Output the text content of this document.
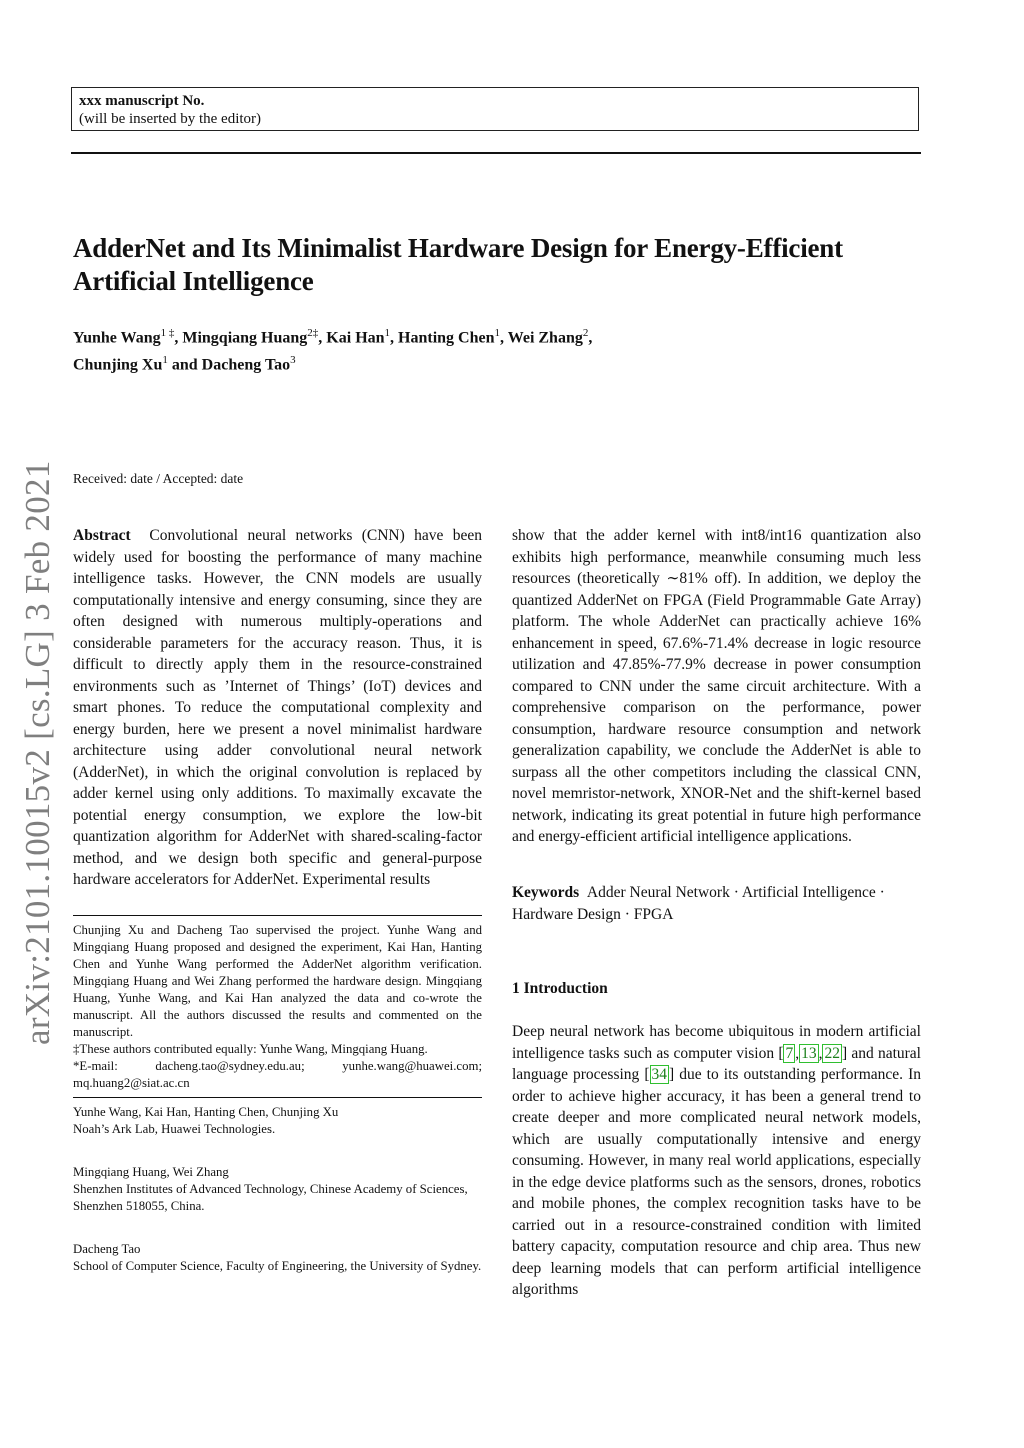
xxx manuscript No.
(will be inserted by the editor)
AdderNet and Its Minimalist Hardware Design for Energy-Efficient Artificial Intelligence
Yunhe Wang$^{1 \ddagger}$, Mingqiang Huang$^{2\ddagger}$, Kai Han$^1$, Hanting Chen$^1$, Wei Zhang$^2$,
Chunjing Xu$^1$ and Dacheng Tao$^3$
Received: date / Accepted: date
arXiv:2101.10015v2 [cs.LG] 3 Feb 2021 Abstract Convolutional neural networks (CNN) have been widely used for boosting the performance of many machine intelligence tasks. However, the CNN models are usually computationally intensive and energy consuming, since they are often designed with numerous multiply-operations and considerable parameters for the accuracy reason. Thus, it is difficult to directly apply them in the resource-constrained environments such as ’Internet of Things’ (IoT) devices and smart phones. To reduce the computational complexity and energy burden, here we present a novel minimalist hardware architecture using adder convolutional neural network (AdderNet), in which the original convolution is replaced by adder kernel using only additions. To maximally excavate the potential energy consumption, we explore the low-bit quantization algorithm for AdderNet with shared-scaling-factor method, and we design both specific and general-purpose hardware accelerators for AdderNet. Experimental results

Chunjing Xu and Dacheng Tao supervised the project. Yunhe Wang and Mingqiang Huang proposed and designed the experiment, Kai Han, Hanting Chen and Yunhe Wang performed the AdderNet algorithm verification. Mingqiang Huang and Wei Zhang performed the hardware design. Mingqiang Huang, Yunhe Wang, and Kai Han analyzed the data and co-wrote the manuscript. All the authors discussed the results and commented on the manuscript.
‡These authors contributed equally: Yunhe Wang, Mingqiang Huang.
*E-mail: dacheng.tao@sydney.edu.au; yunhe.wang@huawei.com; mq.huang2@siat.ac.cn
Yunhe Wang, Kai Han, Hanting Chen, Chunjing Xu
Noah’s Ark Lab, Huawei Technologies.
Mingqiang Huang, Wei Zhang
Shenzhen Institutes of Advanced Technology, Chinese Academy of Sciences, Shenzhen 518055, China.
Dacheng Tao
School of Computer Science, Faculty of Engineering, the University of Sydney.

show that the adder kernel with int8/int16 quantization also exhibits high performance, meanwhile consuming much less resources (theoretically ∼81% off). In addition, we deploy the quantized AdderNet on FPGA (Field Programmable Gate Array) platform. The whole AdderNet can practically achieve 16% enhancement in speed, 67.6%-71.4% decrease in logic resource utilization and 47.85%-77.9% decrease in power consumption compared to CNN under the same circuit architecture. With a comprehensive comparison on the performance, power consumption, hardware resource consumption and network generalization capability, we conclude the AdderNet is able to surpass all the other competitors including the classical CNN, novel memristor-network, XNOR-Net and the shift-kernel based network, indicating its great potential in future high performance and energy-efficient artificial intelligence applications.

Keywords Adder Neural Network · Artificial Intelligence · Hardware Design · FPGA
1 Introduction
Deep neural network has become ubiquitous in modern artificial intelligence tasks such as computer vision [ 7 , 13 , 22 ] and natural language processing [ 34 ] due to its outstanding performance. In order to achieve higher accuracy, it has been a general trend to create deeper and more complicated neural network models, which are usually computationally intensive and energy consuming. However, in many real world applications, especially in the edge device platforms such as the sensors, drones, robotics and mobile phones, the complex recognition tasks have to be carried out in a resource-constrained condition with limited battery capacity, computation resource and chip area. Thus new deep learning models that can perform artificial intelligence algorithms
